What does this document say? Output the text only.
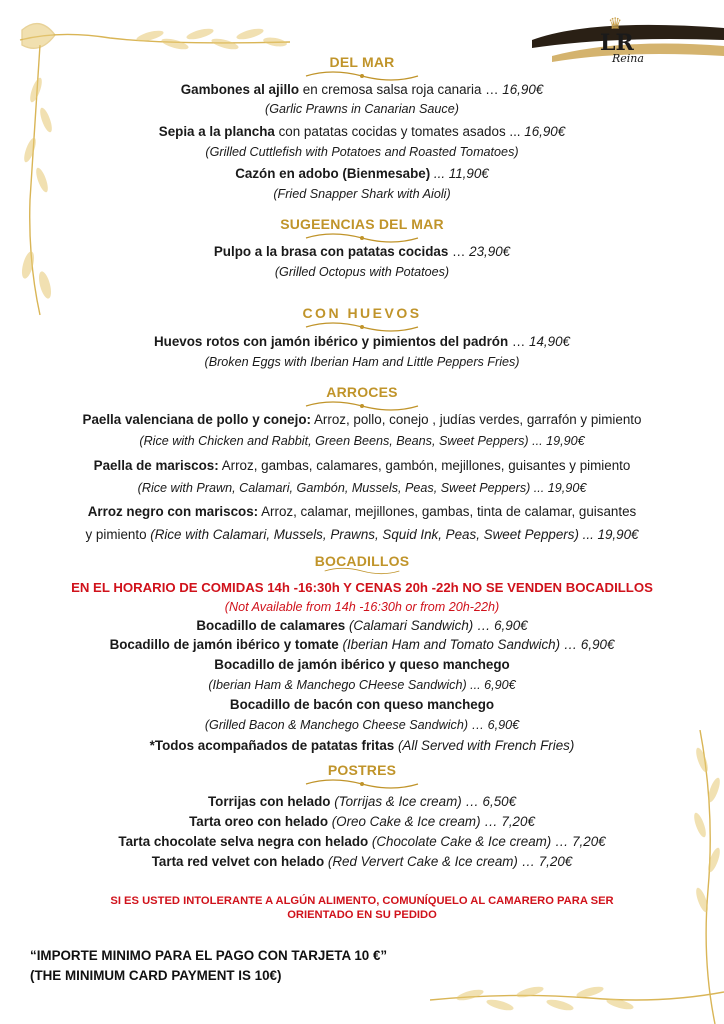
♛
LR
Reina
DEL MAR
Gambones al ajillo en cremosa salsa roja canaria … 16,90€
(Garlic Prawns in Canarian Sauce)
Sepia a la plancha con patatas cocidas y tomates asados ... 16,90€
(Grilled Cuttlefish with Potatoes and Roasted Tomatoes)
Cazón en adobo (Bienmesabe) ... 11,90€
(Fried Snapper Shark with Aioli)
SUGEENCIAS DEL MAR
Pulpo a la brasa con patatas cocidas … 23,90€
(Grilled Octopus with Potatoes)
CON HUEVOS
Huevos rotos con jamón ibérico y pimientos del padrón … 14,90€
(Broken Eggs with Iberian Ham and Little Peppers Fries)
ARROCES
Paella valenciana de pollo y conejo: Arroz, pollo, conejo , judías verdes, garrafón y pimiento
(Rice with Chicken and Rabbit, Green Beens, Beans, Sweet Peppers) ... 19,90€
Paella de mariscos: Arroz, gambas, calamares, gambón, mejillones, guisantes y pimiento
(Rice with Prawn, Calamari, Gambón, Mussels, Peas, Sweet Peppers) ... 19,90€
Arroz negro con mariscos: Arroz, calamar, mejillones, gambas, tinta de calamar, guisantes
y pimiento (Rice with Calamari, Mussels, Prawns, Squid Ink, Peas, Sweet Peppers) ... 19,90€
BOCADILLOS
EN EL HORARIO DE COMIDAS 14h -16:30h Y CENAS 20h -22h NO SE VENDEN BOCADILLOS
(Not Available from 14h -16:30h or from 20h-22h)
Bocadillo de calamares (Calamari Sandwich) … 6,90€
Bocadillo de jamón ibérico y tomate (Iberian Ham and Tomato Sandwich) … 6,90€
Bocadillo de jamón ibérico y queso manchego
(Iberian Ham & Manchego CHeese Sandwich) ... 6,90€
Bocadillo de bacón con queso manchego
(Grilled Bacon & Manchego Cheese Sandwich) … 6,90€
*Todos acompañados de patatas fritas (All Served with French Fries)
POSTRES
Torrijas con helado (Torrijas & Ice cream) … 6,50€
Tarta oreo con helado (Oreo Cake & Ice cream) … 7,20€
Tarta chocolate selva negra con helado (Chocolate Cake & Ice cream) … 7,20€
Tarta red velvet con helado (Red Ververt Cake & Ice cream) … 7,20€
SI ES USTED INTOLERANTE A ALGÚN ALIMENTO, COMUNÍQUELO AL CAMARERO PARA SER
ORIENTADO EN SU PEDIDO
“IMPORTE MINIMO PARA EL PAGO CON TARJETA 10 €”
(THE MINIMUM CARD PAYMENT IS 10€)
